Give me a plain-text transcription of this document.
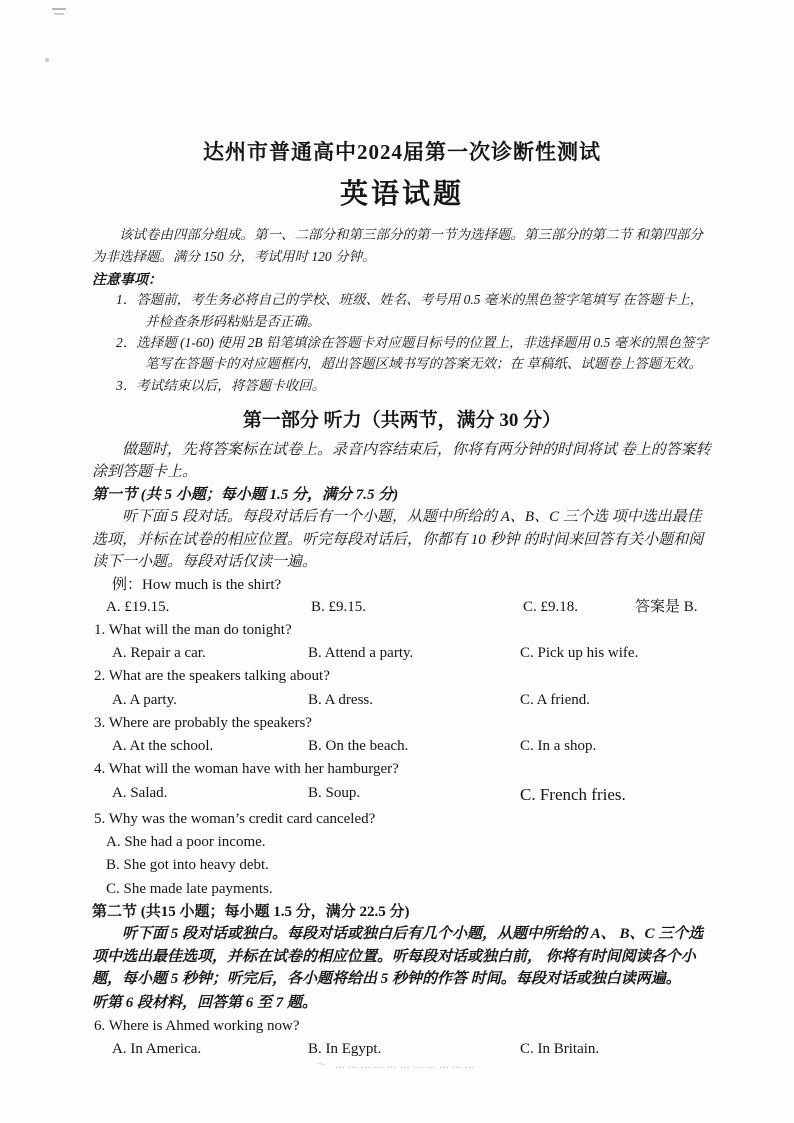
达州市普通高中2024届第一次诊断性测试
英语试题

该试卷由四部分组成。第一、二部分和第三部分的第一节为选择题。第三部分的第二节 和第四部分为非选择题。满分 150 分，考试用时 120 分钟。

注意事项：
1．答题前，考生务必将自己的学校、班级、姓名、考号用 0.5 毫米的黑色签字笔填写 在答题卡上，并检查条形码粘贴是否正确。
2．选择题 (1-60) 使用 2B 铅笔填涂在答题卡对应题目标号的位置上，非选择题用 0.5 毫米的黑色签字笔写在答题卡的对应题框内，超出答题区域书写的答案无效；在 草稿纸、试题卷上答题无效。
3．考试结束以后，将答题卡收回。
第一部分 听力（共两节，满分 30 分）

做题时，先将答案标在试卷上。录音内容结束后，你将有两分钟的时间将试 卷上的答案转涂到答题卡上。

第一节 (共 5 小题；每小题 1.5 分，满分 7.5 分)

听下面 5 段对话。每段对话后有一个小题，从题中所给的 A、B、C 三个选 项中选出最佳选项，并标在试卷的相应位置。听完每段对话后，你都有 10 秒钟 的时间来回答有关小题和阅读下一小题。每段对话仅读一遍。

例：How much is the shirt?
A. £19.15.	B. £9.15.	C. £9.18.	答案是 B.
1. What will the man do tonight?
A. Repair a car.	B. Attend a party.	C. Pick up his wife.
2. What are the speakers talking about?
A. A party.	B. A dress.	C. A friend.
3. Where are probably the speakers?
A. At the school.	B. On the beach.	C. In a shop.
4. What will the woman have with her hamburger?
A. Salad.	B. Soup.	C. French fries.
5. Why was the woman’s credit card canceled?
A. She had a poor income.
B. She got into heavy debt.
C. She made late payments.
第二节 (共15 小题；每小题 1.5 分，满分 22.5 分)

听下面 5 段对话或独白。每段对话或独白后有几个小题，从题中所给的 A、 B、C 三个选项中选出最佳选项，并标在试卷的相应位置。听每段对话或独白前， 你将有时间阅读各个小题，每小题 5 秒钟；听完后，各小题将给出 5 秒钟的作答 时间。每段对话或独白读两遍。

听第 6 段材料，回答第 6 至 7 题。
6. Where is Ahmed working now?
A. In America.	B. In Egypt.	C. In Britain.
～ ……………………………
